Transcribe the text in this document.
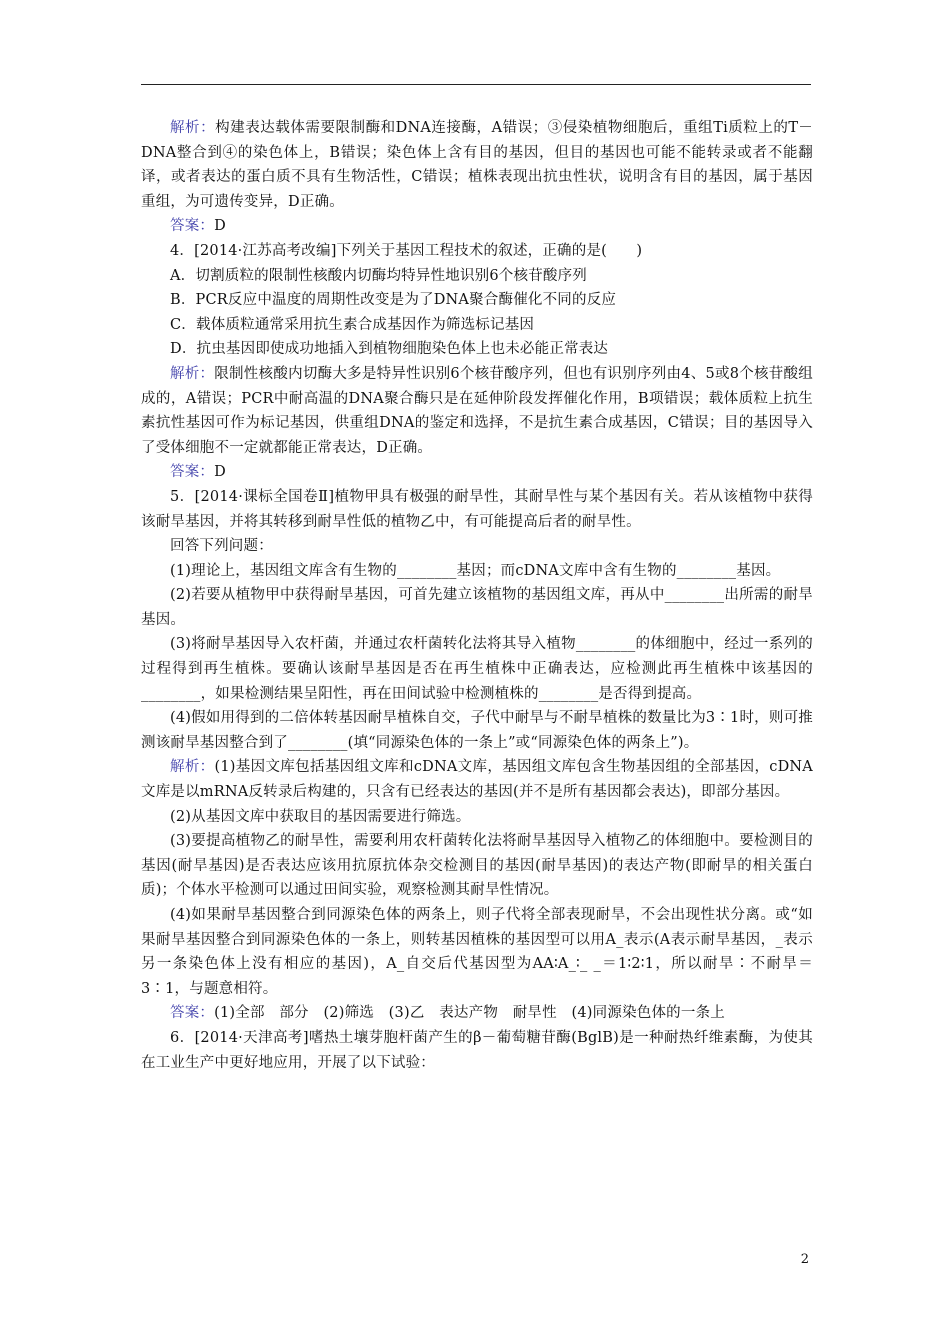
解析：构建表达载体需要限制酶和DNA连接酶，A错误；③侵染植物细胞后，重组Ti质粒上的T－DNA整合到④的染色体上，B错误；染色体上含有目的基因，但目的基因也可能不能转录或者不能翻译，或者表达的蛋白质不具有生物活性，C错误；植株表现出抗虫性状，说明含有目的基因，属于基因重组，为可遗传变异，D正确。

答案：D

4．[2014·江苏高考改编]下列关于基因工程技术的叙述，正确的是(　　)

A．切割质粒的限制性核酸内切酶均特异性地识别6个核苷酸序列

B．PCR反应中温度的周期性改变是为了DNA聚合酶催化不同的反应

C．载体质粒通常采用抗生素合成基因作为筛选标记基因

D．抗虫基因即使成功地插入到植物细胞染色体上也未必能正常表达

解析：限制性核酸内切酶大多是特异性识别6个核苷酸序列，但也有识别序列由4、5或8个核苷酸组成的，A错误；PCR中耐高温的DNA聚合酶只是在延伸阶段发挥催化作用，B项错误；载体质粒上抗生素抗性基因可作为标记基因，供重组DNA的鉴定和选择，不是抗生素合成基因，C错误；目的基因导入了受体细胞不一定就都能正常表达，D正确。

答案：D

5．[2014·课标全国卷Ⅱ]植物甲具有极强的耐旱性，其耐旱性与某个基因有关。若从该植物中获得该耐旱基因，并将其转移到耐旱性低的植物乙中，有可能提高后者的耐旱性。

回答下列问题：

(1)理论上，基因组文库含有生物的________基因；而cDNA文库中含有生物的________基因。

(2)若要从植物甲中获得耐旱基因，可首先建立该植物的基因组文库，再从中________出所需的耐旱基因。

(3)将耐旱基因导入农杆菌，并通过农杆菌转化法将其导入植物________的体细胞中，经过一系列的过程得到再生植株。要确认该耐旱基因是否在再生植株中正确表达，应检测此再生植株中该基因的________，如果检测结果呈阳性，再在田间试验中检测植株的________是否得到提高。

(4)假如用得到的二倍体转基因耐旱植株自交，子代中耐旱与不耐旱植株的数量比为3∶1时，则可推测该耐旱基因整合到了________(填“同源染色体的一条上”或“同源染色体的两条上”)。

解析：(1)基因文库包括基因组文库和cDNA文库，基因组文库包含生物基因组的全部基因，cDNA文库是以mRNA反转录后构建的，只含有已经表达的基因(并不是所有基因都会表达)，即部分基因。

(2)从基因文库中获取目的基因需要进行筛选。

(3)要提高植物乙的耐旱性，需要利用农杆菌转化法将耐旱基因导入植物乙的体细胞中。要检测目的基因(耐旱基因)是否表达应该用抗原抗体杂交检测目的基因(耐旱基因)的表达产物(即耐旱的相关蛋白质)；个体水平检测可以通过田间实验，观察检测其耐旱性情况。

(4)如果耐旱基因整合到同源染色体的两条上，则子代将全部表现耐旱，不会出现性状分离。或“如果耐旱基因整合到同源染色体的一条上，则转基因植株的基因型可以用A_表示(A表示耐旱基因，_表示另一条染色体上没有相应的基因)，A_自交后代基因型为AA∶A_∶_ _＝1∶2∶1，所以耐旱∶不耐旱＝3∶1，与题意相符。

答案：(1)全部　部分　(2)筛选　(3)乙　表达产物　耐旱性　(4)同源染色体的一条上

6．[2014·天津高考]嗜热土壤芽胞杆菌产生的β－葡萄糖苷酶(BglB)是一种耐热纤维素酶，为使其在工业生产中更好地应用，开展了以下试验：

2
